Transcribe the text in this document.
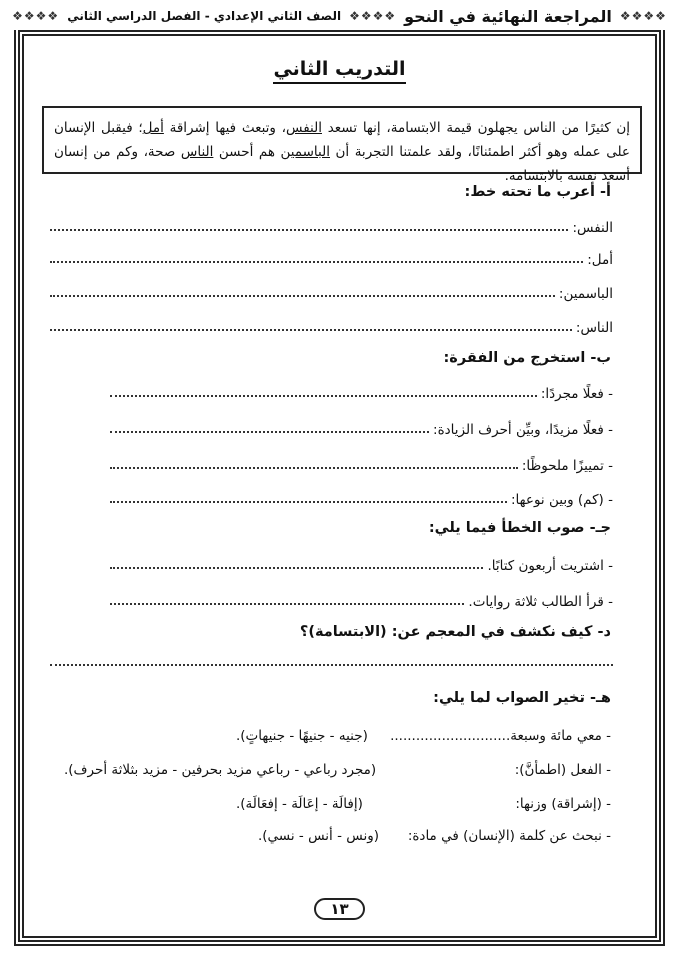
❖❖❖❖
المراجعة النهائية في النحو
❖❖❖❖
الصف الثاني الإعدادي - الفصل الدراسي الثاني
❖❖❖❖
التدريب الثاني
إن كثيرًا من الناس يجهلون قيمة الابتسامة، إنها تسعد النفس، وتبعث فيها إشراقة أمل؛ فيقبل الإنسان على عمله وهو أكثر اطمئنانًا، ولقد علمتنا التجربة أن الباسمين هم أحسن الناس صحة، وكم من إنسان أسعد نفسه بالابتسامة.
أ- أعرب ما تحته خط:
النفس:
أمل:
الباسمين:
الناس:
ب- استخرج من الفقرة:
- فعلًا مجردًا:
- فعلًا مزيدًا، وبيِّن أحرف الزيادة:
- تمييزًا ملحوظًا:
- (كم) وبين نوعها:
جـ- صوب الخطأ فيما يلي:
- اشتريت أربعون كتابًا.
- قرأ الطالب ثلاثة روايات.
د- كيف نكشف في المعجم عن: (الابتسامة)؟
هـ- تخير الصواب لما يلي:
- معي مائة وسبعة............................
(جنيه - جنيهًا - جنيهاتٍ).
- الفعل (اطمأنَّ):
(مجرد رباعي - رباعي مزيد بحرفين - مزيد بثلاثة أحرف).
- (إشراقة) وزنها:
(إفالَة - إعَالَة - إفعَالَة).
- نبحث عن كلمة (الإنسان) في مادة:
(ونس - أنس - نسي).
١٣
